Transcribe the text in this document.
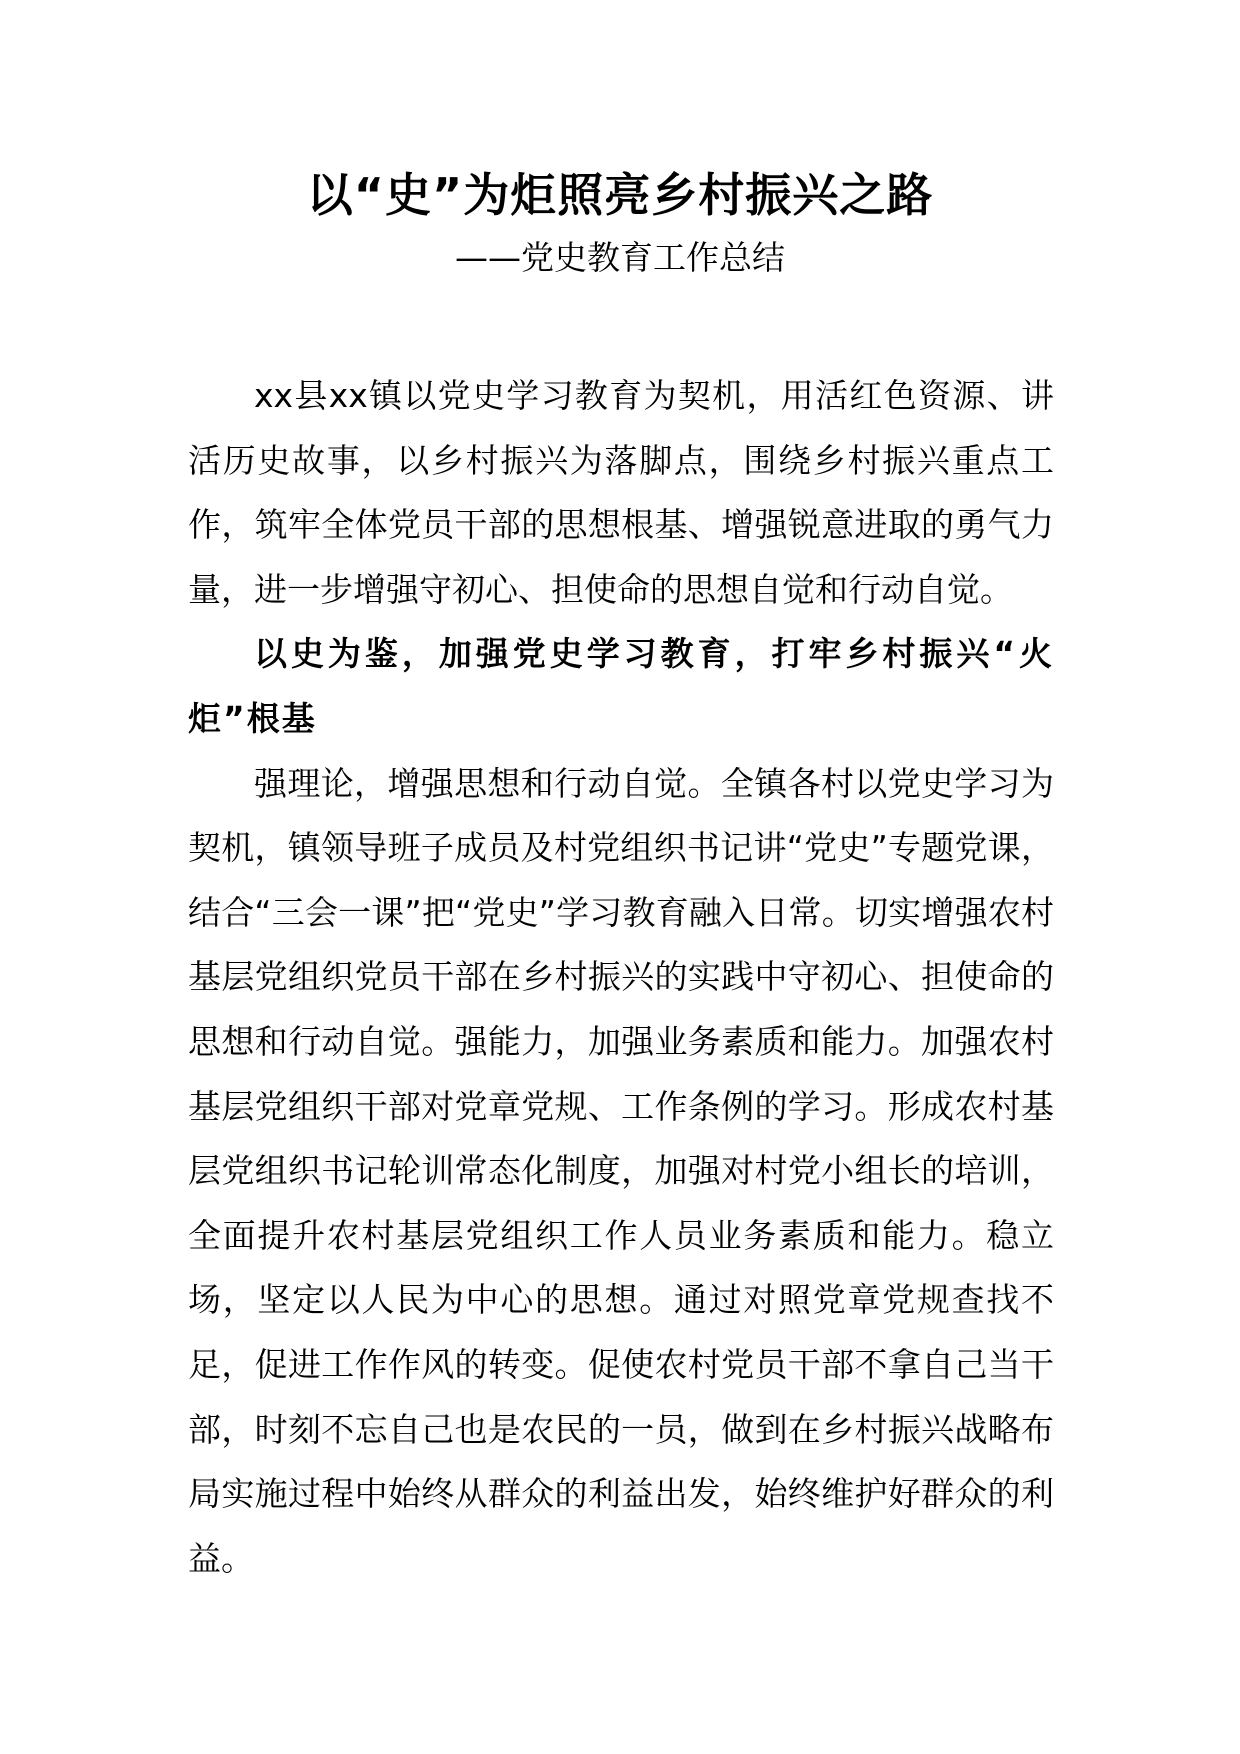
以“史”为炬照亮乡村振兴之路

——党史教育工作总结

xx县xx镇以党史学习教育为契机，用活红色资源、讲活历史故事，以乡村振兴为落脚点，围绕乡村振兴重点工作，筑牢全体党员干部的思想根基、增强锐意进取的勇气力量，进一步增强守初心、担使命的思想自觉和行动自觉。

以史为鉴，加强党史学习教育，打牢乡村振兴“火炬”根基

强理论，增强思想和行动自觉。全镇各村以党史学习为契机，镇领导班子成员及村党组织书记讲“党史”专题党课，结合“三会一课”把“党史”学习教育融入日常。切实增强农村基层党组织党员干部在乡村振兴的实践中守初心、担使命的思想和行动自觉。强能力，加强业务素质和能力。加强农村基层党组织干部对党章党规、工作条例的学习。形成农村基层党组织书记轮训常态化制度，加强对村党小组长的培训，全面提升农村基层党组织工作人员业务素质和能力。稳立场，坚定以人民为中心的思想。通过对照党章党规查找不足，促进工作作风的转变。促使农村党员干部不拿自己当干部，时刻不忘自己也是农民的一员，做到在乡村振兴战略布局实施过程中始终从群众的利益出发，始终维护好群众的利益。
